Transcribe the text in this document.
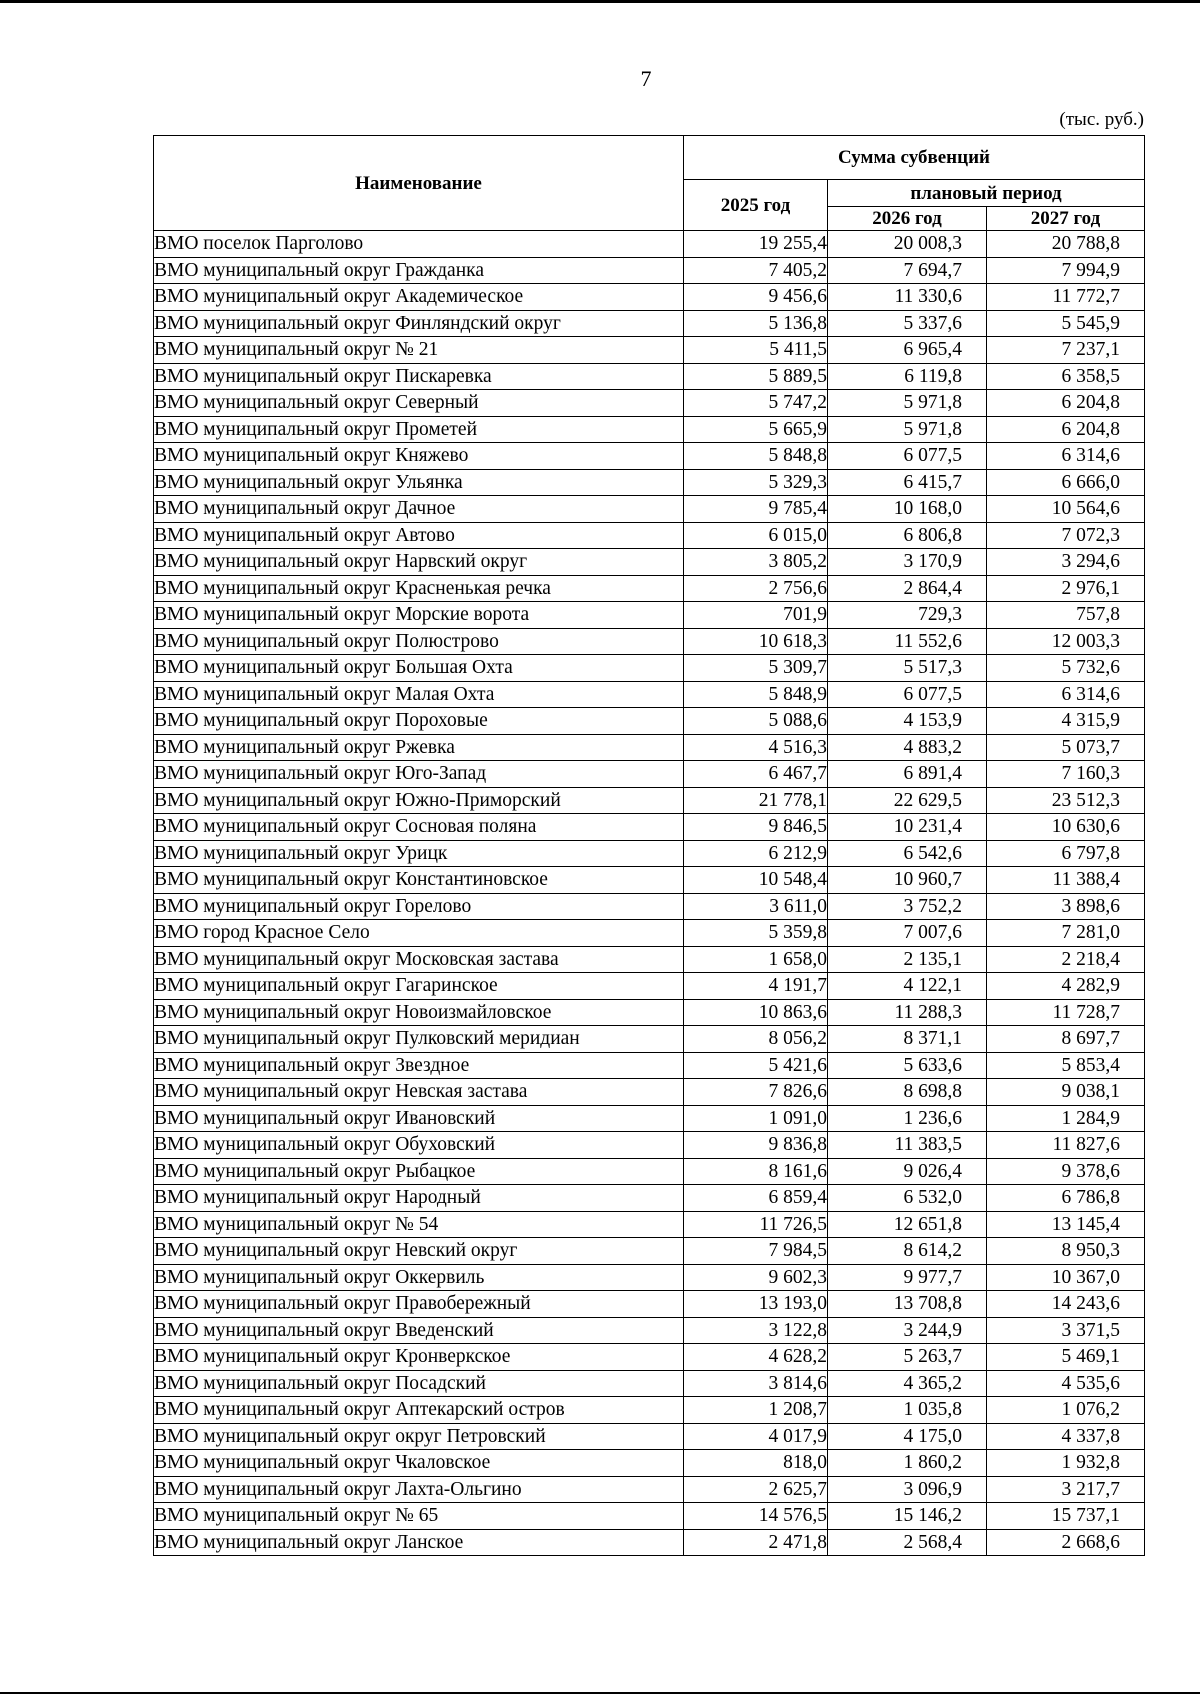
7
(тыс. руб.)
Наименование	Сумма субвенций		
	2025 год	плановый период	
		2026 год	2027 год
ВМО поселок Парголово	19 255,4	20 008,3	20 788,8
ВМО муниципальный округ Гражданка	7 405,2	7 694,7	7 994,9
ВМО муниципальный округ Академическое	9 456,6	11 330,6	11 772,7
ВМО муниципальный округ Финляндский округ	5 136,8	5 337,6	5 545,9
ВМО муниципальный округ № 21	5 411,5	6 965,4	7 237,1
ВМО муниципальный округ Пискаревка	5 889,5	6 119,8	6 358,5
ВМО муниципальный округ Северный	5 747,2	5 971,8	6 204,8
ВМО муниципальный округ Прометей	5 665,9	5 971,8	6 204,8
ВМО муниципальный округ Княжево	5 848,8	6 077,5	6 314,6
ВМО муниципальный округ Ульянка	5 329,3	6 415,7	6 666,0
ВМО муниципальный округ Дачное	9 785,4	10 168,0	10 564,6
ВМО муниципальный округ Автово	6 015,0	6 806,8	7 072,3
ВМО муниципальный округ Нарвский округ	3 805,2	3 170,9	3 294,6
ВМО муниципальный округ Красненькая речка	2 756,6	2 864,4	2 976,1
ВМО муниципальный округ Морские ворота	701,9	729,3	757,8
ВМО муниципальный округ Полюстрово	10 618,3	11 552,6	12 003,3
ВМО муниципальный округ Большая Охта	5 309,7	5 517,3	5 732,6
ВМО муниципальный округ Малая Охта	5 848,9	6 077,5	6 314,6
ВМО муниципальный округ Пороховые	5 088,6	4 153,9	4 315,9
ВМО муниципальный округ Ржевка	4 516,3	4 883,2	5 073,7
ВМО муниципальный округ Юго-Запад	6 467,7	6 891,4	7 160,3
ВМО муниципальный округ Южно-Приморский	21 778,1	22 629,5	23 512,3
ВМО муниципальный округ Сосновая поляна	9 846,5	10 231,4	10 630,6
ВМО муниципальный округ Урицк	6 212,9	6 542,6	6 797,8
ВМО муниципальный округ Константиновское	10 548,4	10 960,7	11 388,4
ВМО муниципальный округ Горелово	3 611,0	3 752,2	3 898,6
ВМО город Красное Село	5 359,8	7 007,6	7 281,0
ВМО муниципальный округ Московская застава	1 658,0	2 135,1	2 218,4
ВМО муниципальный округ Гагаринское	4 191,7	4 122,1	4 282,9
ВМО муниципальный округ Новоизмайловское	10 863,6	11 288,3	11 728,7
ВМО муниципальный округ Пулковский меридиан	8 056,2	8 371,1	8 697,7
ВМО муниципальный округ Звездное	5 421,6	5 633,6	5 853,4
ВМО муниципальный округ Невская застава	7 826,6	8 698,8	9 038,1
ВМО муниципальный округ Ивановский	1 091,0	1 236,6	1 284,9
ВМО муниципальный округ Обуховский	9 836,8	11 383,5	11 827,6
ВМО муниципальный округ Рыбацкое	8 161,6	9 026,4	9 378,6
ВМО муниципальный округ Народный	6 859,4	6 532,0	6 786,8
ВМО муниципальный округ № 54	11 726,5	12 651,8	13 145,4
ВМО муниципальный округ Невский округ	7 984,5	8 614,2	8 950,3
ВМО муниципальный округ Оккервиль	9 602,3	9 977,7	10 367,0
ВМО муниципальный округ Правобережный	13 193,0	13 708,8	14 243,6
ВМО муниципальный округ Введенский	3 122,8	3 244,9	3 371,5
ВМО муниципальный округ Кронверкское	4 628,2	5 263,7	5 469,1
ВМО муниципальный округ Посадский	3 814,6	4 365,2	4 535,6
ВМО муниципальный округ Аптекарский остров	1 208,7	1 035,8	1 076,2
ВМО муниципальный округ округ Петровский	4 017,9	4 175,0	4 337,8
ВМО муниципальный округ Чкаловское	818,0	1 860,2	1 932,8
ВМО муниципальный округ Лахта-Ольгино	2 625,7	3 096,9	3 217,7
ВМО муниципальный округ № 65	14 576,5	15 146,2	15 737,1
ВМО муниципальный округ Ланское	2 471,8	2 568,4	2 668,6
